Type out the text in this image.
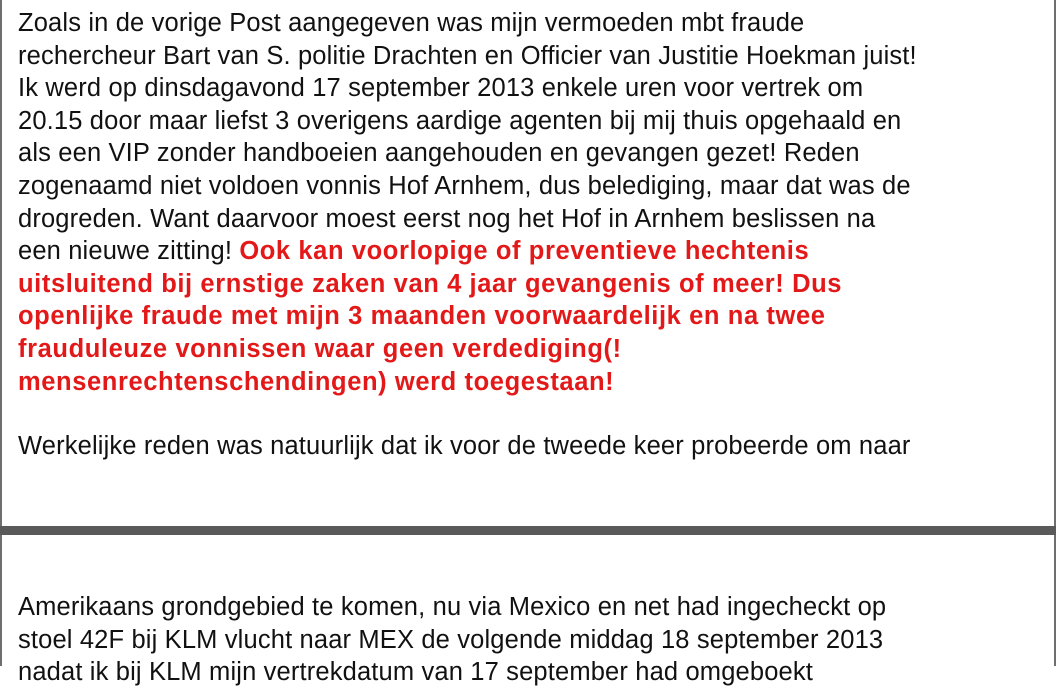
Zoals in de vorige Post aangegeven was mijn vermoeden mbt fraude
rechercheur Bart van S. politie Drachten en Officier van Justitie Hoekman juist!
Ik werd op dinsdagavond 17 september 2013 enkele uren voor vertrek om
20.15 door maar liefst 3 overigens aardige agenten bij mij thuis opgehaald en
als een VIP zonder handboeien aangehouden en gevangen gezet! Reden
zogenaamd niet voldoen vonnis Hof Arnhem, dus belediging, maar dat was de
drogreden. Want daarvoor moest eerst nog het Hof in Arnhem beslissen na
een nieuwe zitting! Ook kan voorlopige of preventieve hechtenis
uitsluitend bij ernstige zaken van 4 jaar gevangenis of meer! Dus
openlijke fraude met mijn 3 maanden voorwaardelijk en na twee
frauduleuze vonnissen waar geen verdediging(!
mensenrechtenschendingen) werd toegestaan!
Werkelijke reden was natuurlijk dat ik voor de tweede keer probeerde om naar
Amerikaans grondgebied te komen, nu via Mexico en net had ingecheckt op
stoel 42F bij KLM vlucht naar MEX de volgende middag 18 september 2013
nadat ik bij KLM mijn vertrekdatum van 17 september had omgeboekt
